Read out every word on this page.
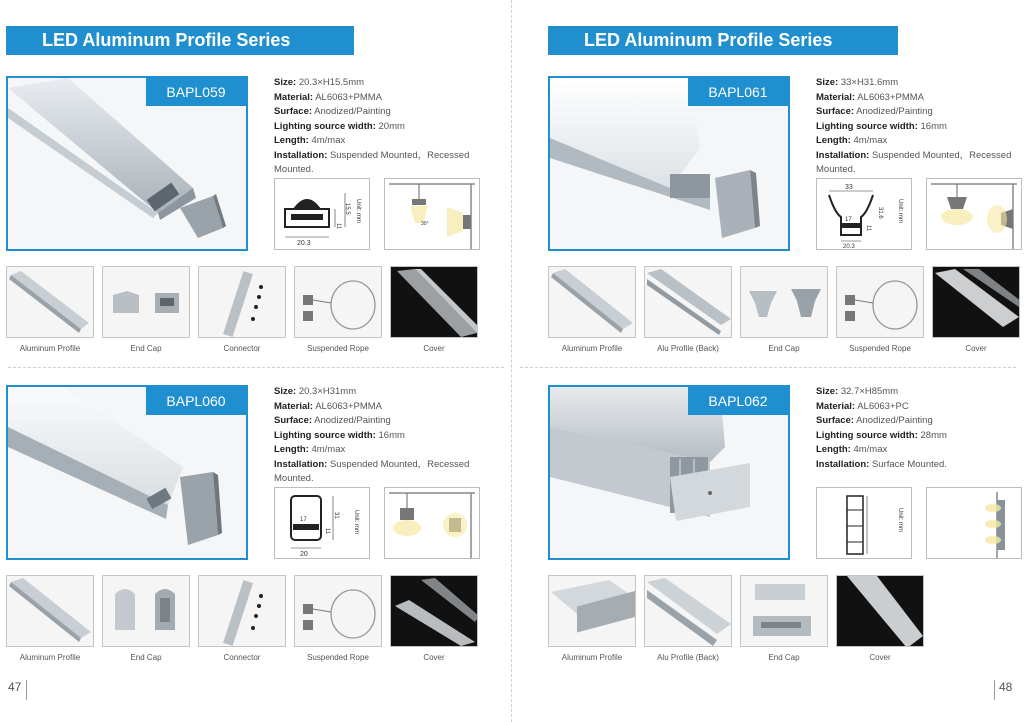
LED Aluminum Profile Series
BAPL059
Size: 20.3×H15.5mm
Material: AL6063+PMMA
Surface: Anodized/Painting
Lighting source width: 20mm
Length: 4m/max
Installation: Suspended Mounted，Recessed Mounted.
20.3
11
15.5 Unit: mm
30°
Aluminum Profile	End Cap	Connector	Suspended Rope	Cover
BAPL060
Size: 20.3×H31mm
Material: AL6063+PMMA
Surface: Anodized/Painting
Lighting source width: 16mm
Length: 4m/max
Installation: Suspended Mounted，Recessed Mounted.
20
17
11
31 Unit: mm
Aluminum Profile	End Cap	Connector	Suspended Rope	Cover
47
LED Aluminum Profile Series
BAPL061
Size: 33×H31.6mm
Material: AL6063+PMMA
Surface: Anodized/Painting
Lighting source width: 16mm
Length: 4m/max
Installation: Suspended Mounted，Recessed Mounted.
33
17
20.3
11
31.6 Unit: mm
Aluminum Profile	Alu Profile (Back)	End Cap	Suspended Rope	Cover
BAPL062
Size: 32.7×H85mm
Material: AL6063+PC
Surface: Anodized/Painting
Lighting source width: 28mm
Length: 4m/max
Installation: Surface Mounted.
Unit: mm
Aluminum Profile	Alu Profile (Back)	End Cap	Cover
48
